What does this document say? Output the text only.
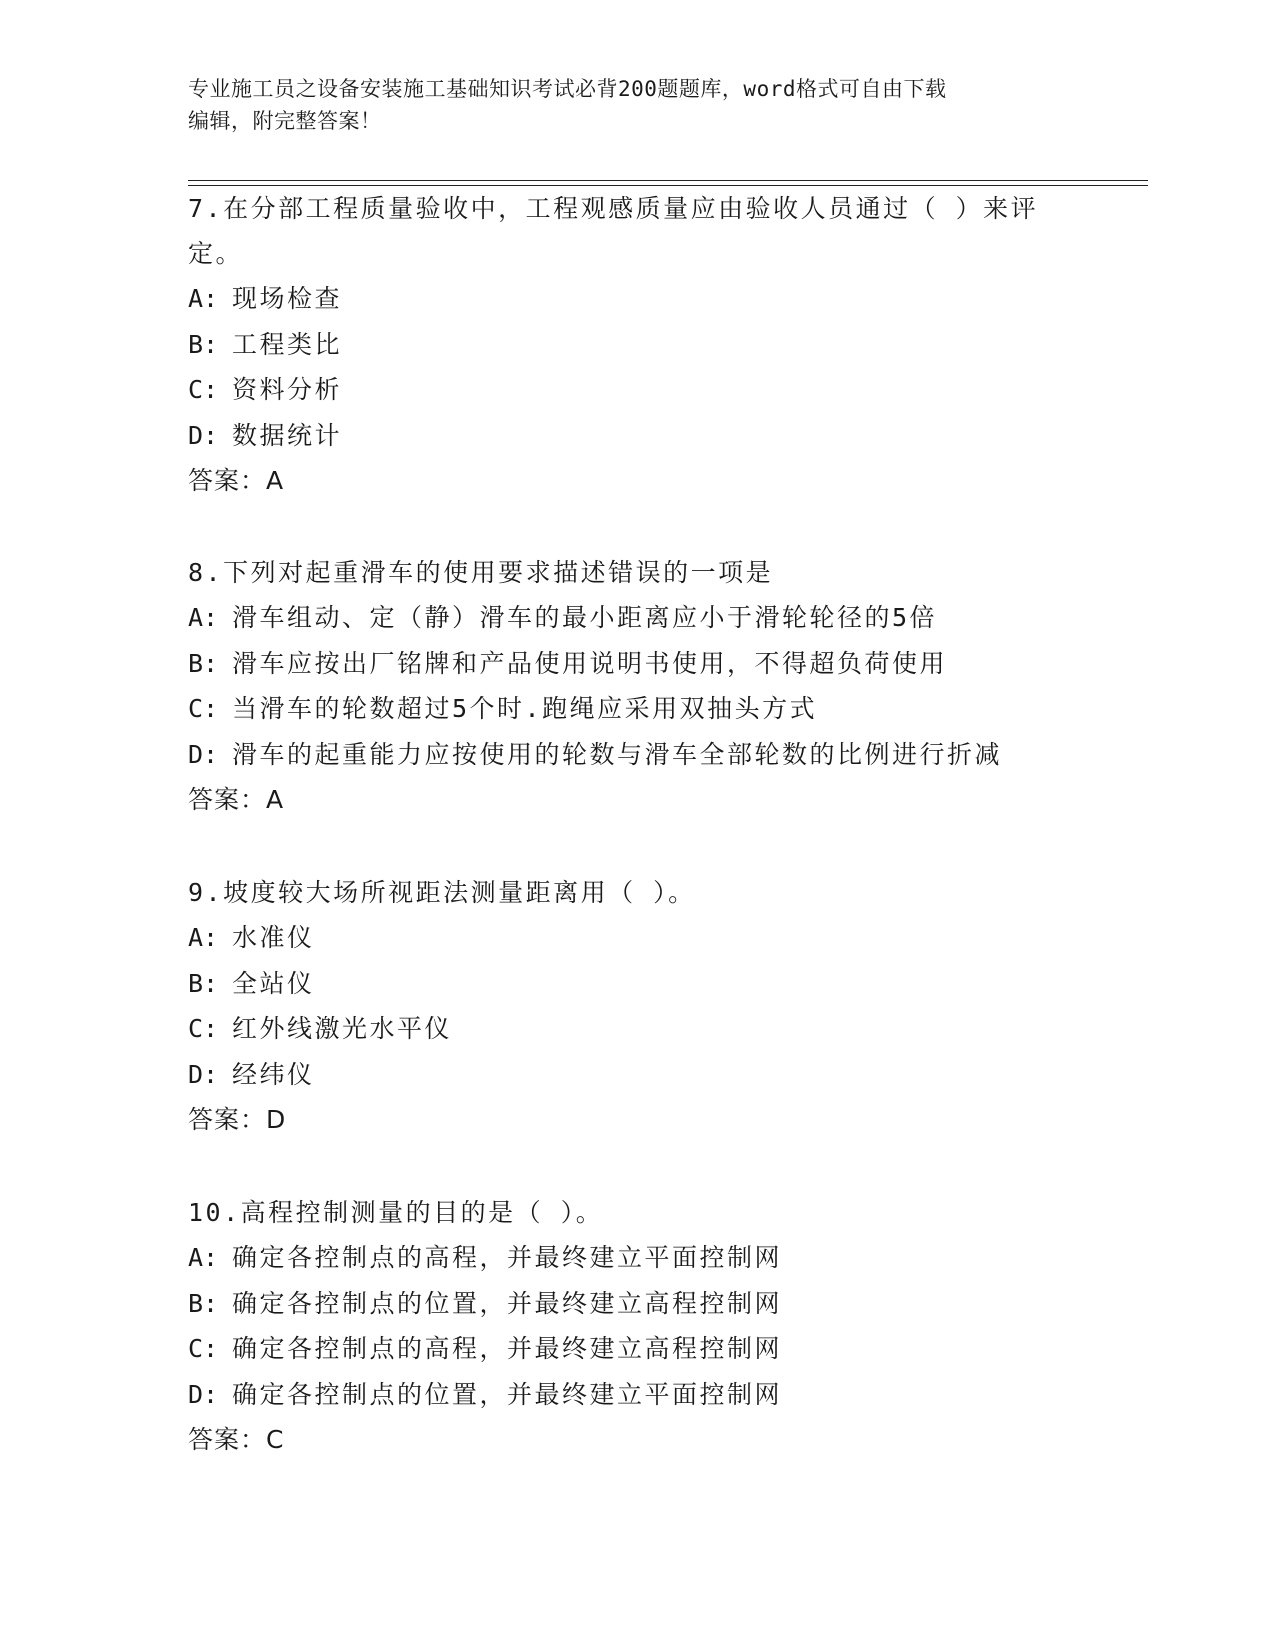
专业施工员之设备安装施工基础知识考试必背200题题库，word格式可自由下载
编辑，附完整答案！

7.在分部工程质量验收中，工程观感质量应由验收人员通过（ ）来评定。

A: 现场检查
B: 工程类比
C: 资料分析
D: 数据统计
答案：A

8.下列对起重滑车的使用要求描述错误的一项是

A: 滑车组动、定（静）滑车的最小距离应小于滑轮轮径的5倍
B: 滑车应按出厂铭牌和产品使用说明书使用，不得超负荷使用
C: 当滑车的轮数超过5个时.跑绳应采用双抽头方式
D: 滑车的起重能力应按使用的轮数与滑车全部轮数的比例进行折减
答案：A

9.坡度较大场所视距法测量距离用（ ）。

A: 水准仪
B: 全站仪
C: 红外线激光水平仪
D: 经纬仪
答案：D

10.高程控制测量的目的是（ ）。

A: 确定各控制点的高程，并最终建立平面控制网
B: 确定各控制点的位置，并最终建立高程控制网
C: 确定各控制点的高程，并最终建立高程控制网
D: 确定各控制点的位置，并最终建立平面控制网
答案：C
